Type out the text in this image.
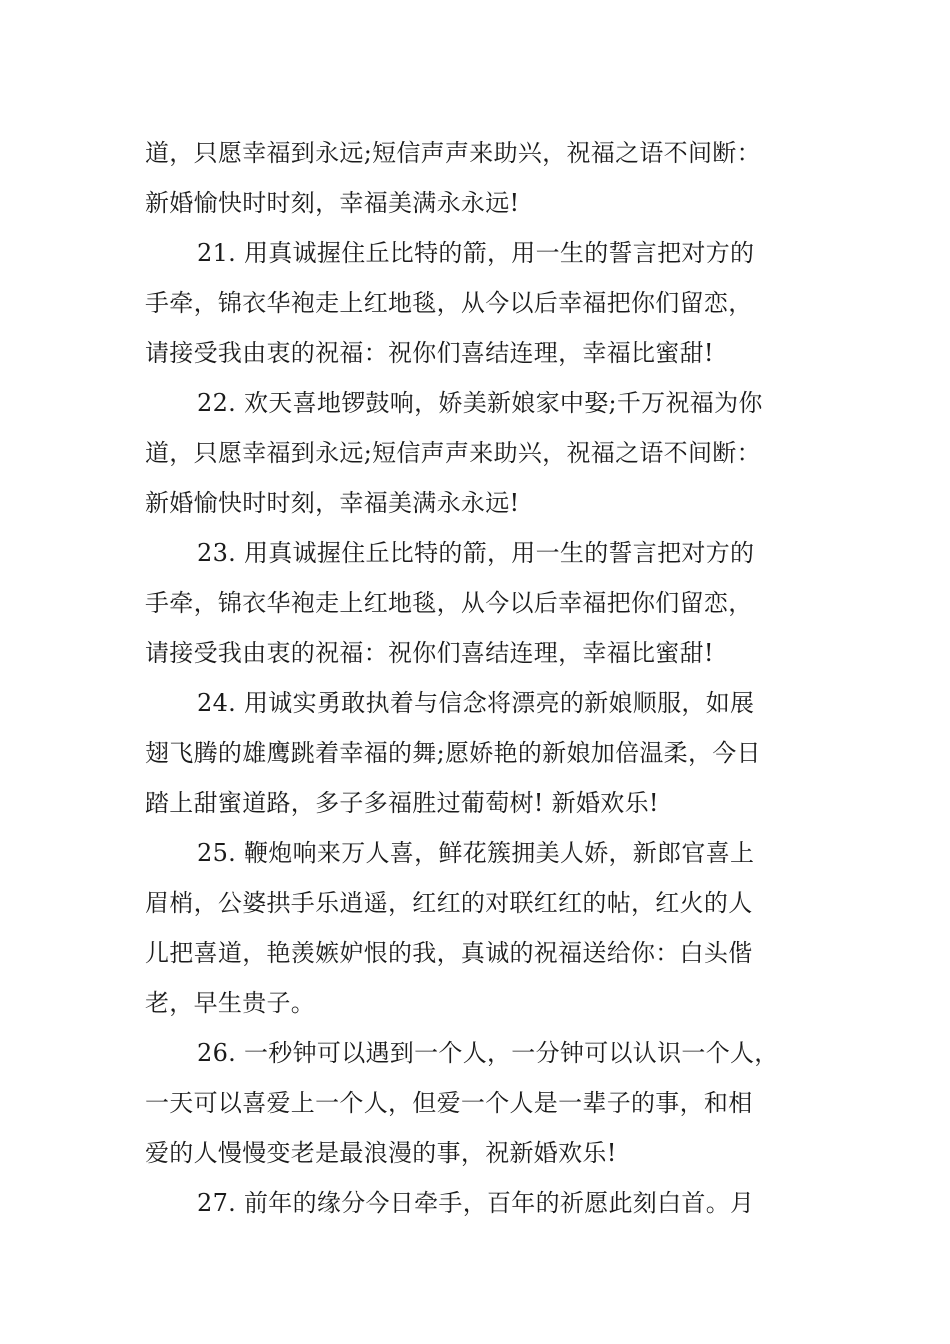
道，只愿幸福到永远;短信声声来助兴，祝福之语不间断：
新婚愉快时时刻，幸福美满永永远!
21. 用真诚握住丘比特的箭，用一生的誓言把对方的
手牵，锦衣华袍走上红地毯，从今以后幸福把你们留恋，
请接受我由衷的祝福：祝你们喜结连理，幸福比蜜甜!
22. 欢天喜地锣鼓响，娇美新娘家中娶;千万祝福为你
道，只愿幸福到永远;短信声声来助兴，祝福之语不间断：
新婚愉快时时刻，幸福美满永永远!
23. 用真诚握住丘比特的箭，用一生的誓言把对方的
手牵，锦衣华袍走上红地毯，从今以后幸福把你们留恋，
请接受我由衷的祝福：祝你们喜结连理，幸福比蜜甜!
24. 用诚实勇敢执着与信念将漂亮的新娘顺服，如展
翅飞腾的雄鹰跳着幸福的舞;愿娇艳的新娘加倍温柔，今日
踏上甜蜜道路，多子多福胜过葡萄树! 新婚欢乐!
25. 鞭炮响来万人喜，鲜花簇拥美人娇，新郎官喜上
眉梢，公婆拱手乐逍遥，红红的对联红红的帖，红火的人
儿把喜道，艳羡嫉妒恨的我，真诚的祝福送给你：白头偕
老，早生贵子。
26. 一秒钟可以遇到一个人，一分钟可以认识一个人，
一天可以喜爱上一个人，但爱一个人是一辈子的事，和相
爱的人慢慢变老是最浪漫的事，祝新婚欢乐!
27. 前年的缘分今日牵手，百年的祈愿此刻白首。月
